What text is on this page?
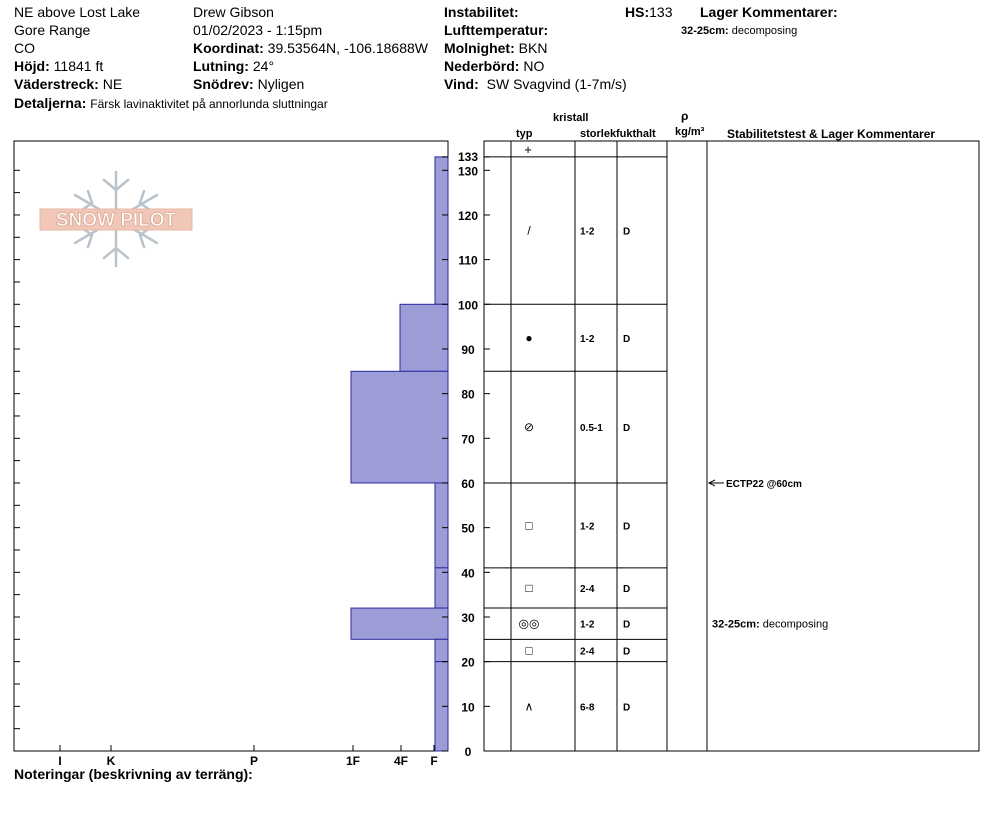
NE above Lost Lake
Gore Range
CO
Höjd: 11841 ft
Väderstreck: NE
Detaljerna: Färsk lavinaktivitet på annorlunda sluttningar
Drew Gibson
01/02/2023 - 1:15pm
Koordinat: 39.53564N, -106.18688W
Lutning: 24°
Snödrev: Nyligen
Instabilitet:
Lufttemperatur:
Molnighet: BKN
Nederbörd: NO
Vind: SW Svagvind (1-7m/s)
HS:133 Lager Kommentarer:
32-25cm: decomposing
kristall
typ	storlek fukthalt
ρ
kg/m³ Stabilitetstest & Lager Kommentarer
SNOW PILOT
I	K	P	1F	4F F
0
10
20
30
40
50
60
70
80
90
100
110
120
130
133	+
/	1-2	D
●	1-2	D
⊘	0.5-1 D
□	1-2	D
□	2-4	D
◎◎	1-2	D
□	2-4	D
∧	6-8	D
ECTP22 @60cm
32-25cm: decomposing
Noteringar (beskrivning av terräng):
